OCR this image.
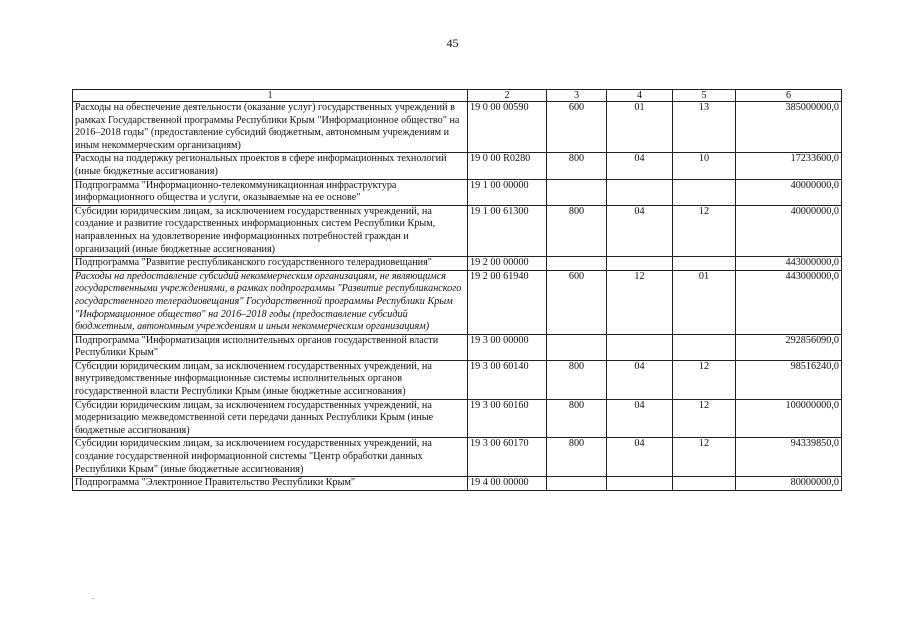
45
1	2	3	4	5	6
Расходы на обеспечение деятельности (оказание услуг) государственных учреждений в рамках Государственной программы Республики Крым "Информационное общество" на 2016–2018 годы" (предоставление субсидий бюджетным, автономным учреждениям и иным некоммерческим организациям)	19 0 00 00590	600	01	13	385000000,0
Расходы на поддержку региональных проектов в сфере информационных технологий (иные бюджетные ассигнования)	19 0 00 R0280	800	04	10	17233600,0
Подпрограмма "Информационно-телекоммуникационная инфраструктура информационного общества и услуги, оказываемые на ее основе"	19 1 00 00000				40000000,0
Субсидии юридическим лицам, за исключением государственных учреждений, на создание и развитие государственных информационных систем Республики Крым, направленных на удовлетворение информационных потребностей граждан и организаций (иные бюджетные ассигнования)	19 1 00 61300	800	04	12	40000000,0
Подпрограмма "Развитие республиканского государственного телерадиовещания"	19 2 00 00000				443000000,0
Расходы на предоставление субсидий некоммерческим организациям, не являющимся государственными учреждениями, в рамках подпрограммы "Развитие республиканского государственного телерадиовещания" Государственной программы Республики Крым "Информационное общество" на 2016–2018 годы (предоставление субсидий бюджетным, автономным учреждениям и иным некоммерческим организациям)	19 2 00 61940	600	12	01	443000000,0
Подпрограмма "Информатизация исполнительных органов государственной власти Республики Крым"	19 3 00 00000				292856090,0
Субсидии юридическим лицам, за исключением государственных учреждений, на внутриведомственные информационные системы исполнительных органов государственной власти Республики Крым (иные бюджетные ассигнования)	19 3 00 60140	800	04	12	98516240,0
Субсидии юридическим лицам, за исключением государственных учреждений, на модернизацию межведомственной сети передачи данных Республики Крым (иные бюджетные ассигнования)	19 3 00 60160	800	04	12	100000000,0
Субсидии юридическим лицам, за исключением государственных учреждений, на создание государственной информационной системы "Центр обработки данных Республики Крым" (иные бюджетные ассигнования)	19 3 00 60170	800	04	12	94339850,0
Подпрограмма "Электронное Правительство Республики Крым"	19 4 00 00000				80000000,0
